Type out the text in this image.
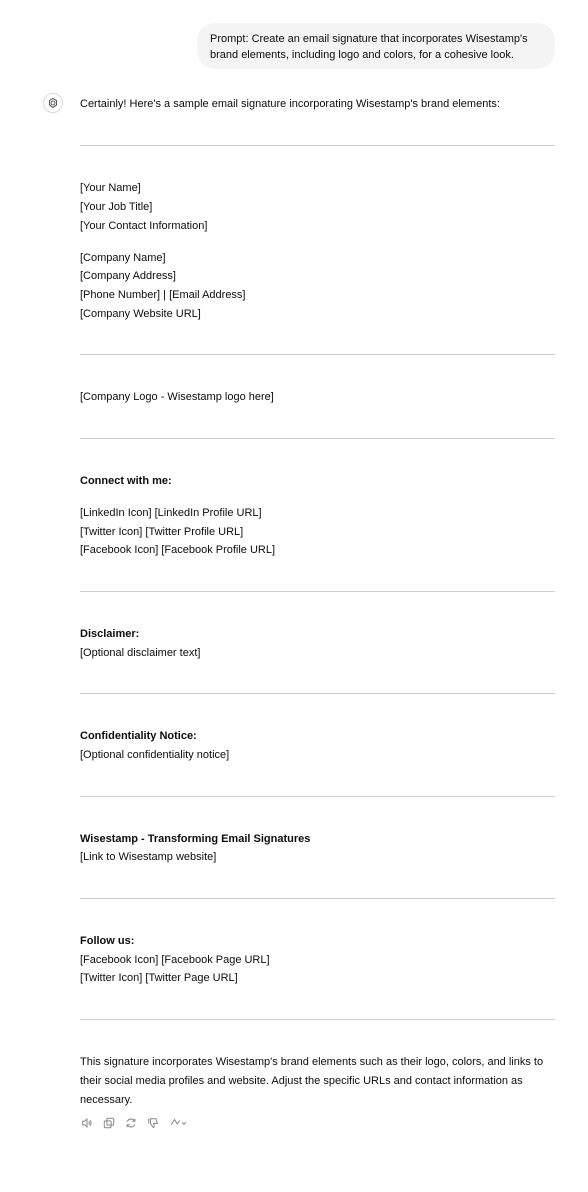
Prompt: Create an email signature that incorporates Wisestamp's
brand elements, including logo and colors, for a cohesive look.
Certainly! Here's a sample email signature incorporating Wisestamp's brand elements:
[Your Name]
[Your Job Title]
[Your Contact Information]
[Company Name]
[Company Address]
[Phone Number] | [Email Address]
[Company Website URL]
[Company Logo - Wisestamp logo here]
Connect with me:
[LinkedIn Icon] [LinkedIn Profile URL]
[Twitter Icon] [Twitter Profile URL]
[Facebook Icon] [Facebook Profile URL]
Disclaimer:
[Optional disclaimer text]
Confidentiality Notice:
[Optional confidentiality notice]
Wisestamp - Transforming Email Signatures
[Link to Wisestamp website]
Follow us:
[Facebook Icon] [Facebook Page URL]
[Twitter Icon] [Twitter Page URL]
This signature incorporates Wisestamp's brand elements such as their logo, colors, and links to their social media profiles and website. Adjust the specific URLs and contact information as necessary.
